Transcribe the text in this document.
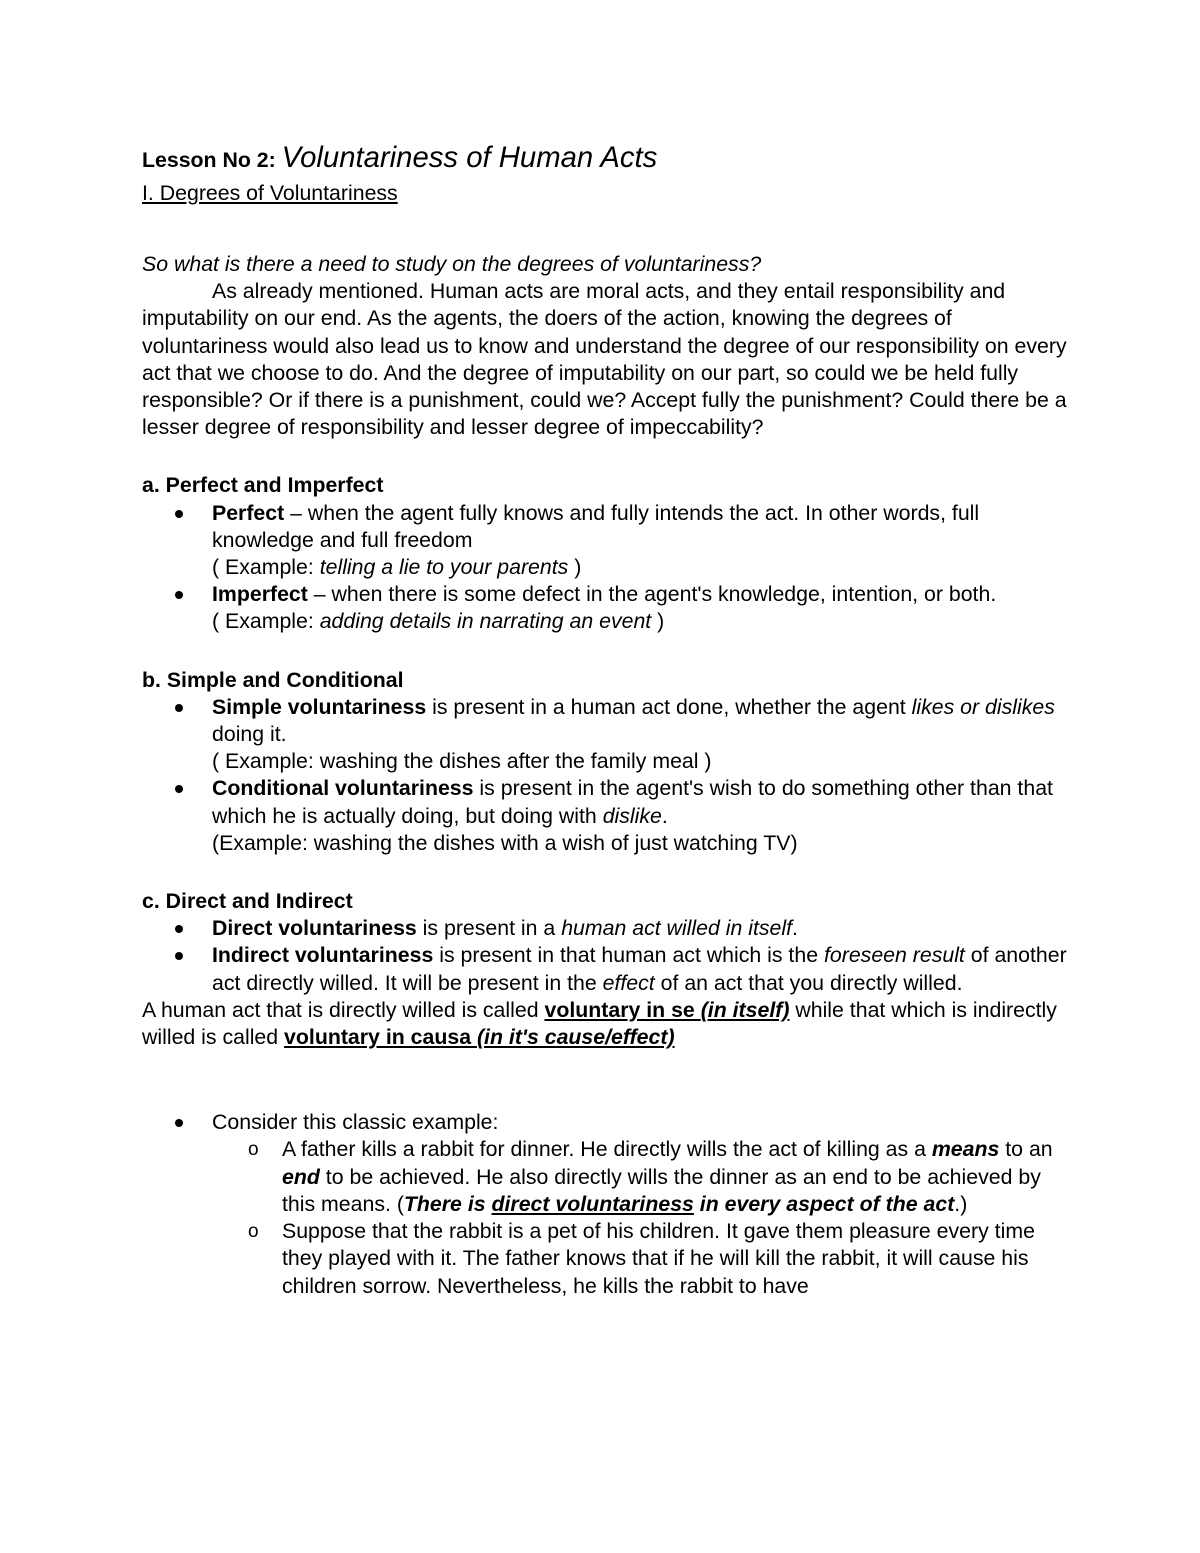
Lesson No 2: Voluntariness of Human Acts

I. Degrees of Voluntariness

So what is there a need to study on the degrees of voluntariness?

As already mentioned. Human acts are moral acts, and they entail responsibility and imputability on our end. As the agents, the doers of the action, knowing the degrees of voluntariness would also lead us to know and understand the degree of our responsibility on every act that we choose to do. And the degree of imputability on our part, so could we be held fully responsible? Or if there is a punishment, could we? Accept fully the punishment? Could there be a lesser degree of responsibility and lesser degree of impeccability?

a. Perfect and Imperfect

Perfect – when the agent fully knows and fully intends the act. In other words, full knowledge and full freedom
( Example: telling a lie to your parents )
Imperfect – when there is some defect in the agent's knowledge, intention, or both.
( Example: adding details in narrating an event )

b. Simple and Conditional

Simple voluntariness is present in a human act done, whether the agent likes or dislikes doing it.
( Example: washing the dishes after the family meal )
Conditional voluntariness is present in the agent's wish to do something other than that which he is actually doing, but doing with dislike.
(Example: washing the dishes with a wish of just watching TV)

c. Direct and Indirect

Direct voluntariness is present in a human act willed in itself.
Indirect voluntariness is present in that human act which is the foreseen result of another act directly willed. It will be present in the effect of an act that you directly willed.

A human act that is directly willed is called voluntary in se (in itself) while that which is indirectly willed is called voluntary in causa (in it's cause/effect)

Consider this classic example:
o A father kills a rabbit for dinner. He directly wills the act of killing as a means to an end to be achieved. He also directly wills the dinner as an end to be achieved by this means. (There is direct voluntariness in every aspect of the act.)
o Suppose that the rabbit is a pet of his children. It gave them pleasure every time they played with it. The father knows that if he will kill the rabbit, it will cause his children sorrow. Nevertheless, he kills the rabbit to have
